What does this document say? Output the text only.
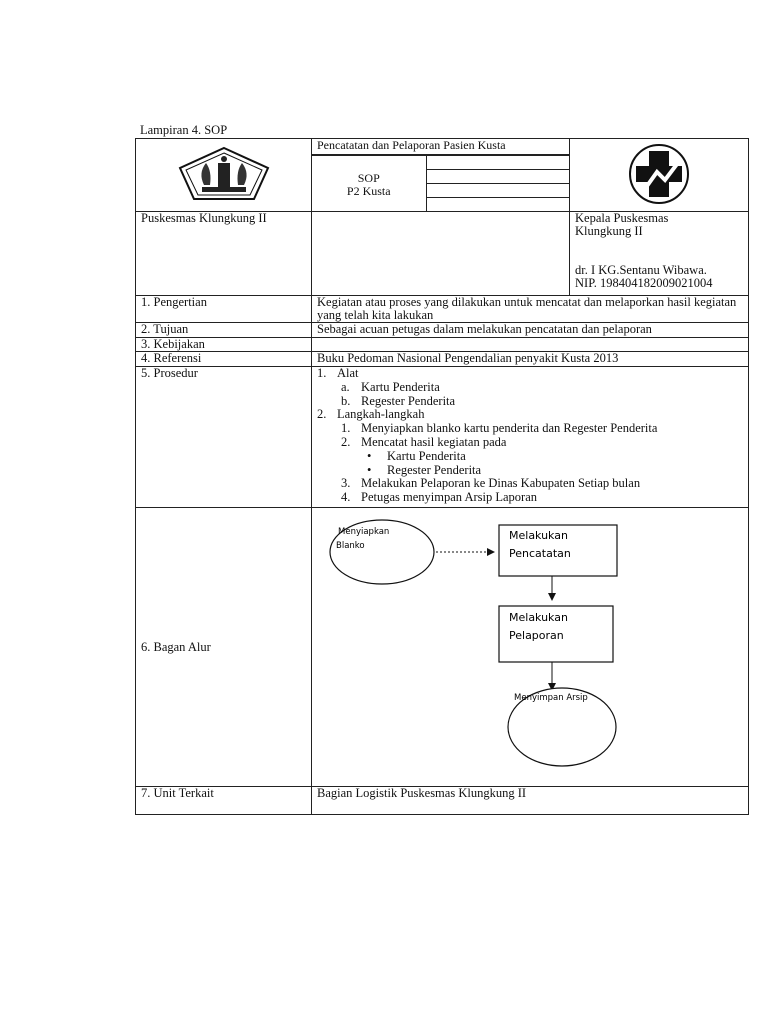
Lampiran 4. SOP

Pencatatan dan Pelaporan Pasien Kusta
SOP
P2 Kusta

Puskesmas Klungkung II		Kepala Puskesmas
Klungkung II
dr. I KG.Sentanu Wibawa.
NIP. 198404182009021004

1. Pengertian	Kegiatan atau proses yang dilakukan untuk mencatat dan melaporkan hasil kegiatan yang telah kita lakukan
2. Tujuan	Sebagai acuan petugas dalam melakukan pencatatan dan pelaporan
3. Kebijakan	
4. Referensi	Buku Pedoman Nasional Pengendalian penyakit Kusta 2013
5. Prosedur	1. Alat
a. Kartu Penderita
b. Regester Penderita
2. Langkah-langkah
1. Menyiapkan blanko kartu penderita dan Regester Penderita
2. Mencatat hasil kegiatan pada
• Kartu Penderita
• Regester Penderita
3. Melakukan Pelaporan ke Dinas Kabupaten Setiap bulan
4. Petugas menyimpan Arsip Laporan

6. Bagan Alur	
Menyiapkan
Blanko
Melakukan
Pencatatan
Melakukan
Pelaporan
Menyimpan Arsip

7. Unit Terkait	Bagian Logistik Puskesmas Klungkung II
